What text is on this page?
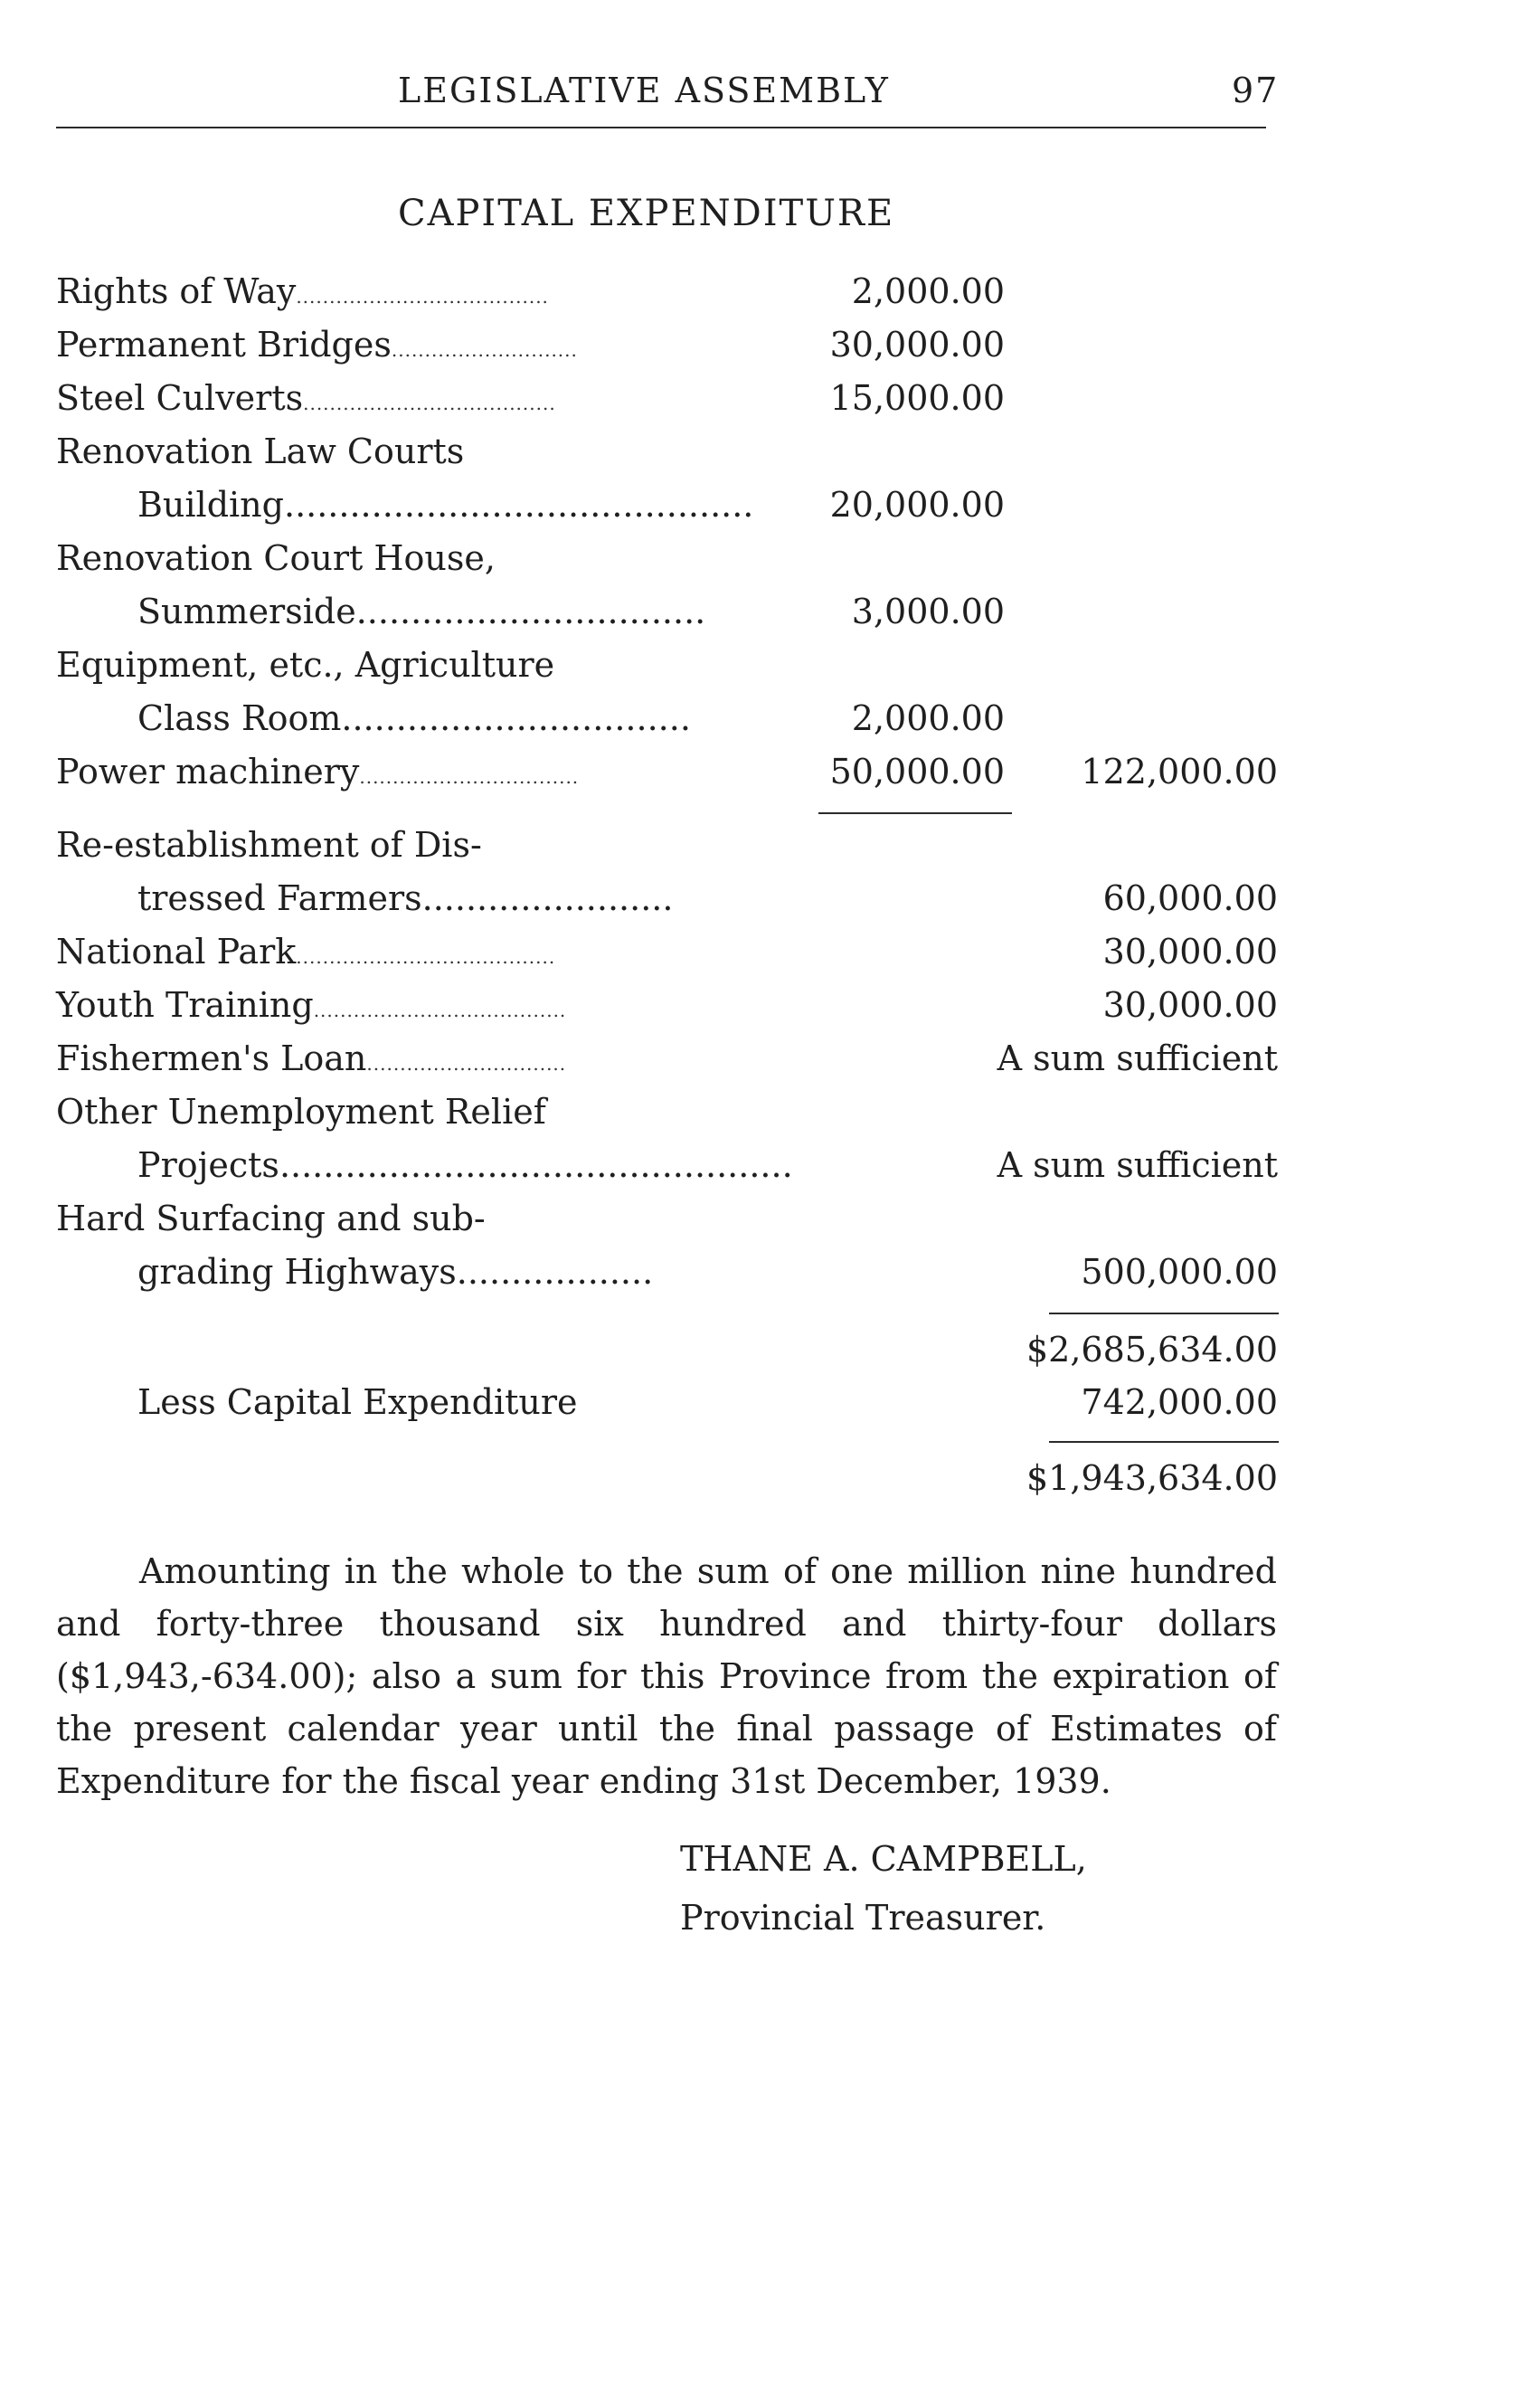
LEGISLATIVE ASSEMBLY	97
CAPITAL EXPENDITURE
Rights of Way......................................	2,000.00
Permanent Bridges............................	30,000.00
Steel Culverts......................................	15,000.00
Renovation Law Courts
Building........................................... 20,000.00
Renovation Court House,
Summerside................................	3,000.00
Equipment, etc., Agriculture
Class Room................................	2,000.00
Power machinery.................................	50,000.00 122,000.00
Re-establishment of Dis-
tressed Farmers.......................	60,000.00
National Park.......................................	30,000.00
Youth Training......................................	30,000.00
Fishermen's Loan..............................	A sum sufficient
Other Unemployment Relief
Projects...............................................	A sum sufficient
Hard Surfacing and sub-
grading Highways..................	500,000.00
$2,685,634.00
Less Capital Expenditure	742,000.00
$1,943,634.00
Amounting in the whole to the sum of one million nine hundred and forty-three thousand six hundred and thirty-four dollars ($1,943,-634.00); also a sum for this Province from the expiration of the present calendar year until the final passage of Estimates of Expenditure for the fiscal year ending 31st December, 1939.
THANE A. CAMPBELL,
Provincial Treasurer.
